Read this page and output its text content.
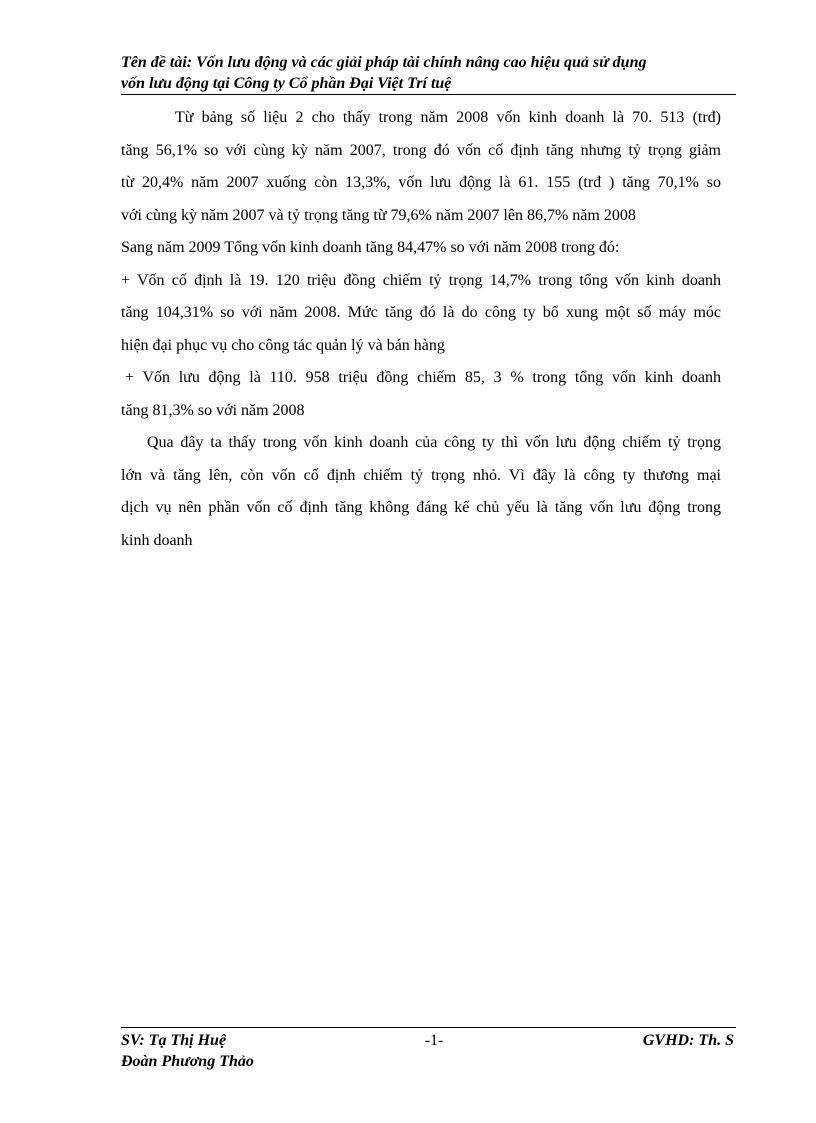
Tên đề tài: Vốn lưu động và các giải pháp tài chính nâng cao hiệu quả sử dụng
vốn lưu động tại Công ty Cổ phần Đại Việt Trí tuệ
Từ bảng số liệu 2 cho thấy trong năm 2008 vốn kinh doanh là 70. 513 (trđ)
tăng 56,1% so với cùng kỳ năm 2007, trong đó vốn cố định tăng nhưng tỷ trọng giảm
từ 20,4% năm 2007 xuống còn 13,3%, vốn lưu động là 61. 155 (trđ ) tăng 70,1% so
với cùng kỳ năm 2007 và tỷ trọng tăng từ 79,6% năm 2007 lên 86,7% năm 2008
Sang năm 2009 Tổng vốn kinh doanh tăng 84,47% so với năm 2008 trong đó:
+ Vốn cố định là 19. 120 triệu đồng chiếm tỷ trọng 14,7% trong tổng vốn kinh doanh
tăng 104,31% so với năm 2008. Mức tăng đó là do công ty bổ xung một số máy móc
hiện đại phục vụ cho công tác quản lý và bán hàng
+ Vốn lưu động là 110. 958 triệu đồng chiếm 85, 3 % trong tổng vốn kinh doanh
tăng 81,3% so với năm 2008
Qua đây ta thấy trong vốn kinh doanh của công ty thì vốn lưu động chiếm tỷ trọng
lớn và tăng lên, còn vốn cố định chiếm tỷ trọng nhỏ. Vì đây là công ty thương mại
dịch vụ nên phần vốn cố định tăng không đáng kể chủ yếu là tăng vốn lưu động trong
kinh doanh
SV: Tạ Thị Huệ
Đoàn Phương Thảo
-1-	GVHD: Th. S
